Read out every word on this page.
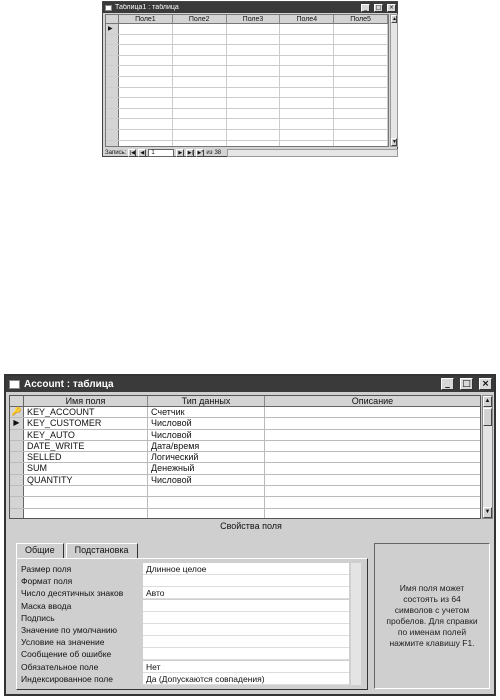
Таблица1 : таблица	_	□	×
Поле1	Поле2	Поле3	Поле4	Поле5
▶
▲
▼
Запись: |◀	◀	1	▶	▶| ▶* из 38
Account : таблица	_	□	×
Имя поля	Тип данных	Описание
🔑 KEY_ACCOUNT	Счетчик
▶ KEY_CUSTOMER	Числовой
KEY_AUTO	Числовой
DATE_WRITE	Дата/время
SELLED	Логический
SUM	Денежный
QUANTITY	Числовой
▲
▼
Свойства поля
Общие	Подстановка
Размер поля	Длинное целое
Формат поля
Число десятичных знаков	Авто
Маска ввода
Подпись
Значение по умолчанию
Условие на значение
Сообщение об ошибке
Обязательное поле	Нет
Индексированное поле	Да (Допускаются совпадения)
Имя поля может состоять из 64 символов с учетом пробелов. Для справки по именам полей нажмите клавишу F1.
